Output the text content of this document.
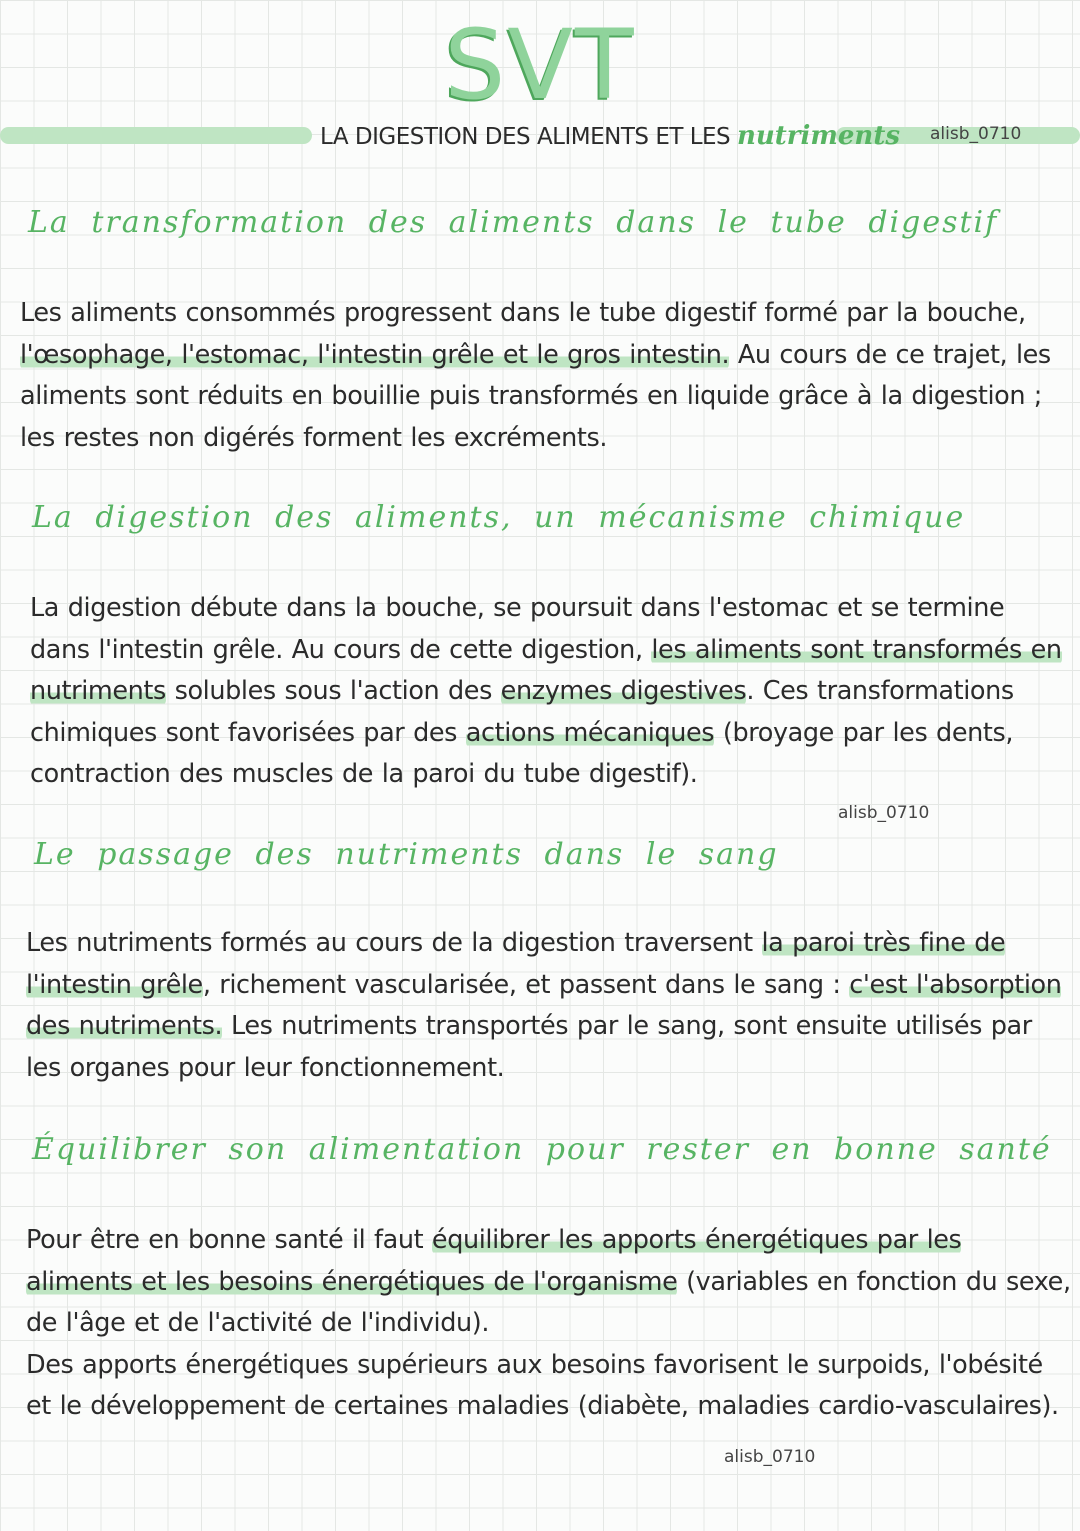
SVT
LA DIGESTION DES ALIMENTS ET LES nutriments alisb_0710
La transformation des aliments dans le tube digestif
Les aliments consommés progressent dans le tube digestif formé par la bouche,
l'œsophage, l'estomac, l'intestin grêle et le gros intestin. Au cours de ce trajet, les
aliments sont réduits en bouillie puis transformés en liquide grâce à la digestion ;
les restes non digérés forment les excréments.
La digestion des aliments, un mécanisme chimique
La digestion débute dans la bouche, se poursuit dans l'estomac et se termine
dans l'intestin grêle. Au cours de cette digestion, les aliments sont transformés en
nutriments solubles sous l'action des enzymes digestives. Ces transformations
chimiques sont favorisées par des actions mécaniques (broyage par les dents,
contraction des muscles de la paroi du tube digestif).
alisb_0710
Le passage des nutriments dans le sang
Les nutriments formés au cours de la digestion traversent la paroi très fine de
l'intestin grêle, richement vascularisée, et passent dans le sang : c'est l'absorption
des nutriments. Les nutriments transportés par le sang, sont ensuite utilisés par
les organes pour leur fonctionnement.
Équilibrer son alimentation pour rester en bonne santé
Pour être en bonne santé il faut équilibrer les apports énergétiques par les
aliments et les besoins énergétiques de l'organisme (variables en fonction du sexe,
de l'âge et de l'activité de l'individu).
Des apports énergétiques supérieurs aux besoins favorisent le surpoids, l'obésité
et le développement de certaines maladies (diabète, maladies cardio-vasculaires).
alisb_0710
